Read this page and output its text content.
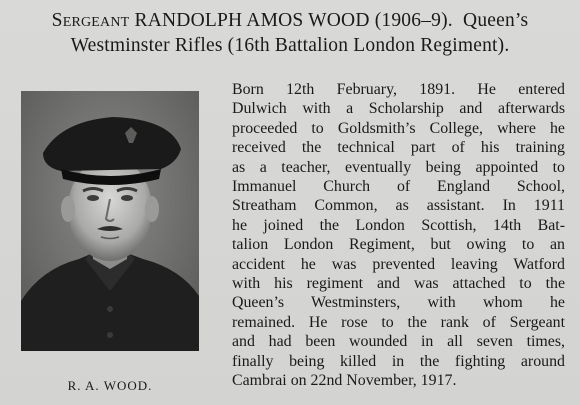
Sergeant RANDOLPH AMOS WOOD (1906–9). Queen’s
Westminster Rifles (16th Battalion London Regiment).
R. A. WOOD.
Born 12th February, 1891. He entered
Dulwich with a Scholarship and afterwards
proceeded to Goldsmith’s College, where he
received the technical part of his training
as a teacher, eventually being appointed to
Immanuel Church of England School,
Streatham Common, as assistant. In 1911
he joined the London Scottish, 14th Bat-
talion London Regiment, but owing to an
accident he was prevented leaving Watford
with his regiment and was attached to the
Queen’s Westminsters, with whom he
remained. He rose to the rank of Sergeant
and had been wounded in all seven times,
finally being killed in the fighting around
Cambrai on 22nd November, 1917.
